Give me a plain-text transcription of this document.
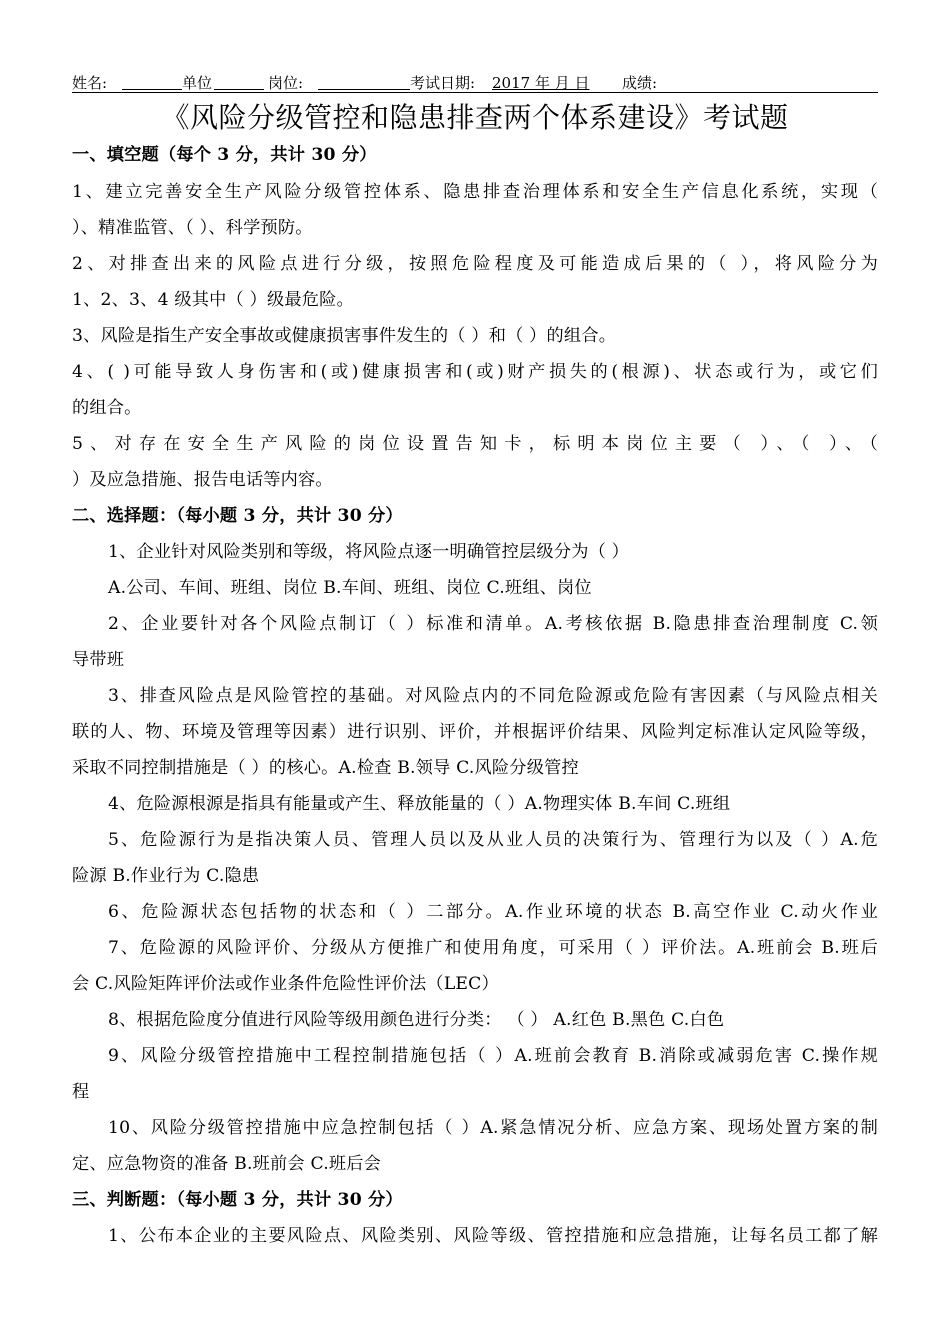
姓名:	单位	岗位:	考试日期: 2017 年 月 日 成绩:
《风险分级管控和隐患排查两个体系建设》考试题
一、填空题（每个 3 分，共计 30 分）
1、建立完善安全生产风险分级管控体系、隐患排查治理体系和安全生产信息化系统，实现（
）、精准监管、（ ）、科学预防。
2、对排查出来的风险点进行分级，按照危险程度及可能造成后果的（ ），将风险分为
1、2、3、4 级其中（ ）级最危险。
3、风险是指生产安全事故或健康损害事件发生的（ ）和（ ）的组合。
4、( )可能导致人身伤害和(或)健康损害和(或)财产损失的(根源)、状态或行为，或它们
的组合。
5、对存在安全生产风险的岗位设置告知卡，标明本岗位主要（ ）、（ ）、（
）及应急措施、报告电话等内容。
二、选择题：（每小题 3 分，共计 30 分）
1、企业针对风险类别和等级，将风险点逐一明确管控层级分为（ ）
A.公司、车间、班组、岗位 B.车间、班组、岗位 C.班组、岗位
2、企业要针对各个风险点制订（ ）标准和清单。A.考核依据 B.隐患排查治理制度 C.领
导带班
3、排查风险点是风险管控的基础。对风险点内的不同危险源或危险有害因素（与风险点相关
联的人、物、环境及管理等因素）进行识别、评价，并根据评价结果、风险判定标准认定风险等级，
采取不同控制措施是（ ）的核心。A.检查 B.领导 C.风险分级管控
4、危险源根源是指具有能量或产生、释放能量的（ ）A.物理实体 B.车间 C.班组
5、危险源行为是指决策人员、管理人员以及从业人员的决策行为、管理行为以及（ ）A.危
险源 B.作业行为 C.隐患
6、危险源状态包括物的状态和（ ）二部分。A.作业环境的状态 B.高空作业 C.动火作业
7、危险源的风险评价、分级从方便推广和使用角度，可采用（ ）评价法。A.班前会 B.班后
会 C.风险矩阵评价法或作业条件危险性评价法（LEC）
8、根据危险度分值进行风险等级用颜色进行分类： （ ） A.红色 B.黑色 C.白色
9、风险分级管控措施中工程控制措施包括（ ）A.班前会教育 B.消除或减弱危害 C.操作规
程
10、风险分级管控措施中应急控制包括（ ）A.紧急情况分析、应急方案、现场处置方案的制
定、应急物资的准备 B.班前会 C.班后会
三、判断题：（每小题 3 分，共计 30 分）
1、公布本企业的主要风险点、风险类别、风险等级、管控措施和应急措施，让每名员工都了解
